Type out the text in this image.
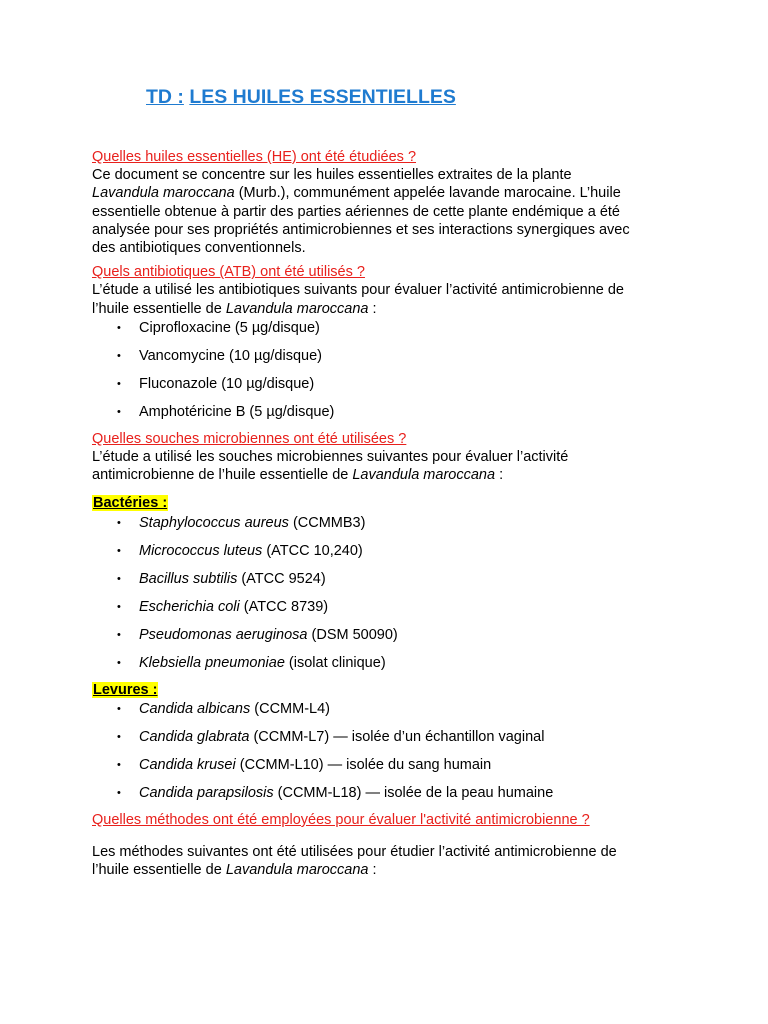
TD : LES HUILES ESSENTIELLES

Quelles huiles essentielles (HE) ont été étudiées ?

Ce document se concentre sur les huiles essentielles extraites de la plante

Lavandula maroccana (Murb.), communément appelée lavande marocaine. L’huile

essentielle obtenue à partir des parties aériennes de cette plante endémique a été

analysée pour ses propriétés antimicrobiennes et ses interactions synergiques avec

des antibiotiques conventionnels.

Quels antibiotiques (ATB) ont été utilisés ?

L’étude a utilisé les antibiotiques suivants pour évaluer l’activité antimicrobienne de

l’huile essentielle de Lavandula maroccana :

• Ciprofloxacine (5 µg/disque)
• Vancomycine (10 µg/disque)
• Fluconazole (10 µg/disque)
• Amphotéricine B (5 µg/disque)

Quelles souches microbiennes ont été utilisées ?

L’étude a utilisé les souches microbiennes suivantes pour évaluer l’activité

antimicrobienne de l’huile essentielle de Lavandula maroccana :

Bactéries :

• Staphylococcus aureus (CCMMB3)
• Micrococcus luteus (ATCC 10,240)
• Bacillus subtilis (ATCC 9524)
• Escherichia coli (ATCC 8739)
• Pseudomonas aeruginosa (DSM 50090)
• Klebsiella pneumoniae (isolat clinique)

Levures :

• Candida albicans (CCMM-L4)
• Candida glabrata (CCMM-L7) — isolée d’un échantillon vaginal
• Candida krusei (CCMM-L10) — isolée du sang humain
• Candida parapsilosis (CCMM-L18) — isolée de la peau humaine

Quelles méthodes ont été employées pour évaluer l'activité antimicrobienne ?

Les méthodes suivantes ont été utilisées pour étudier l’activité antimicrobienne de

l’huile essentielle de Lavandula maroccana :
